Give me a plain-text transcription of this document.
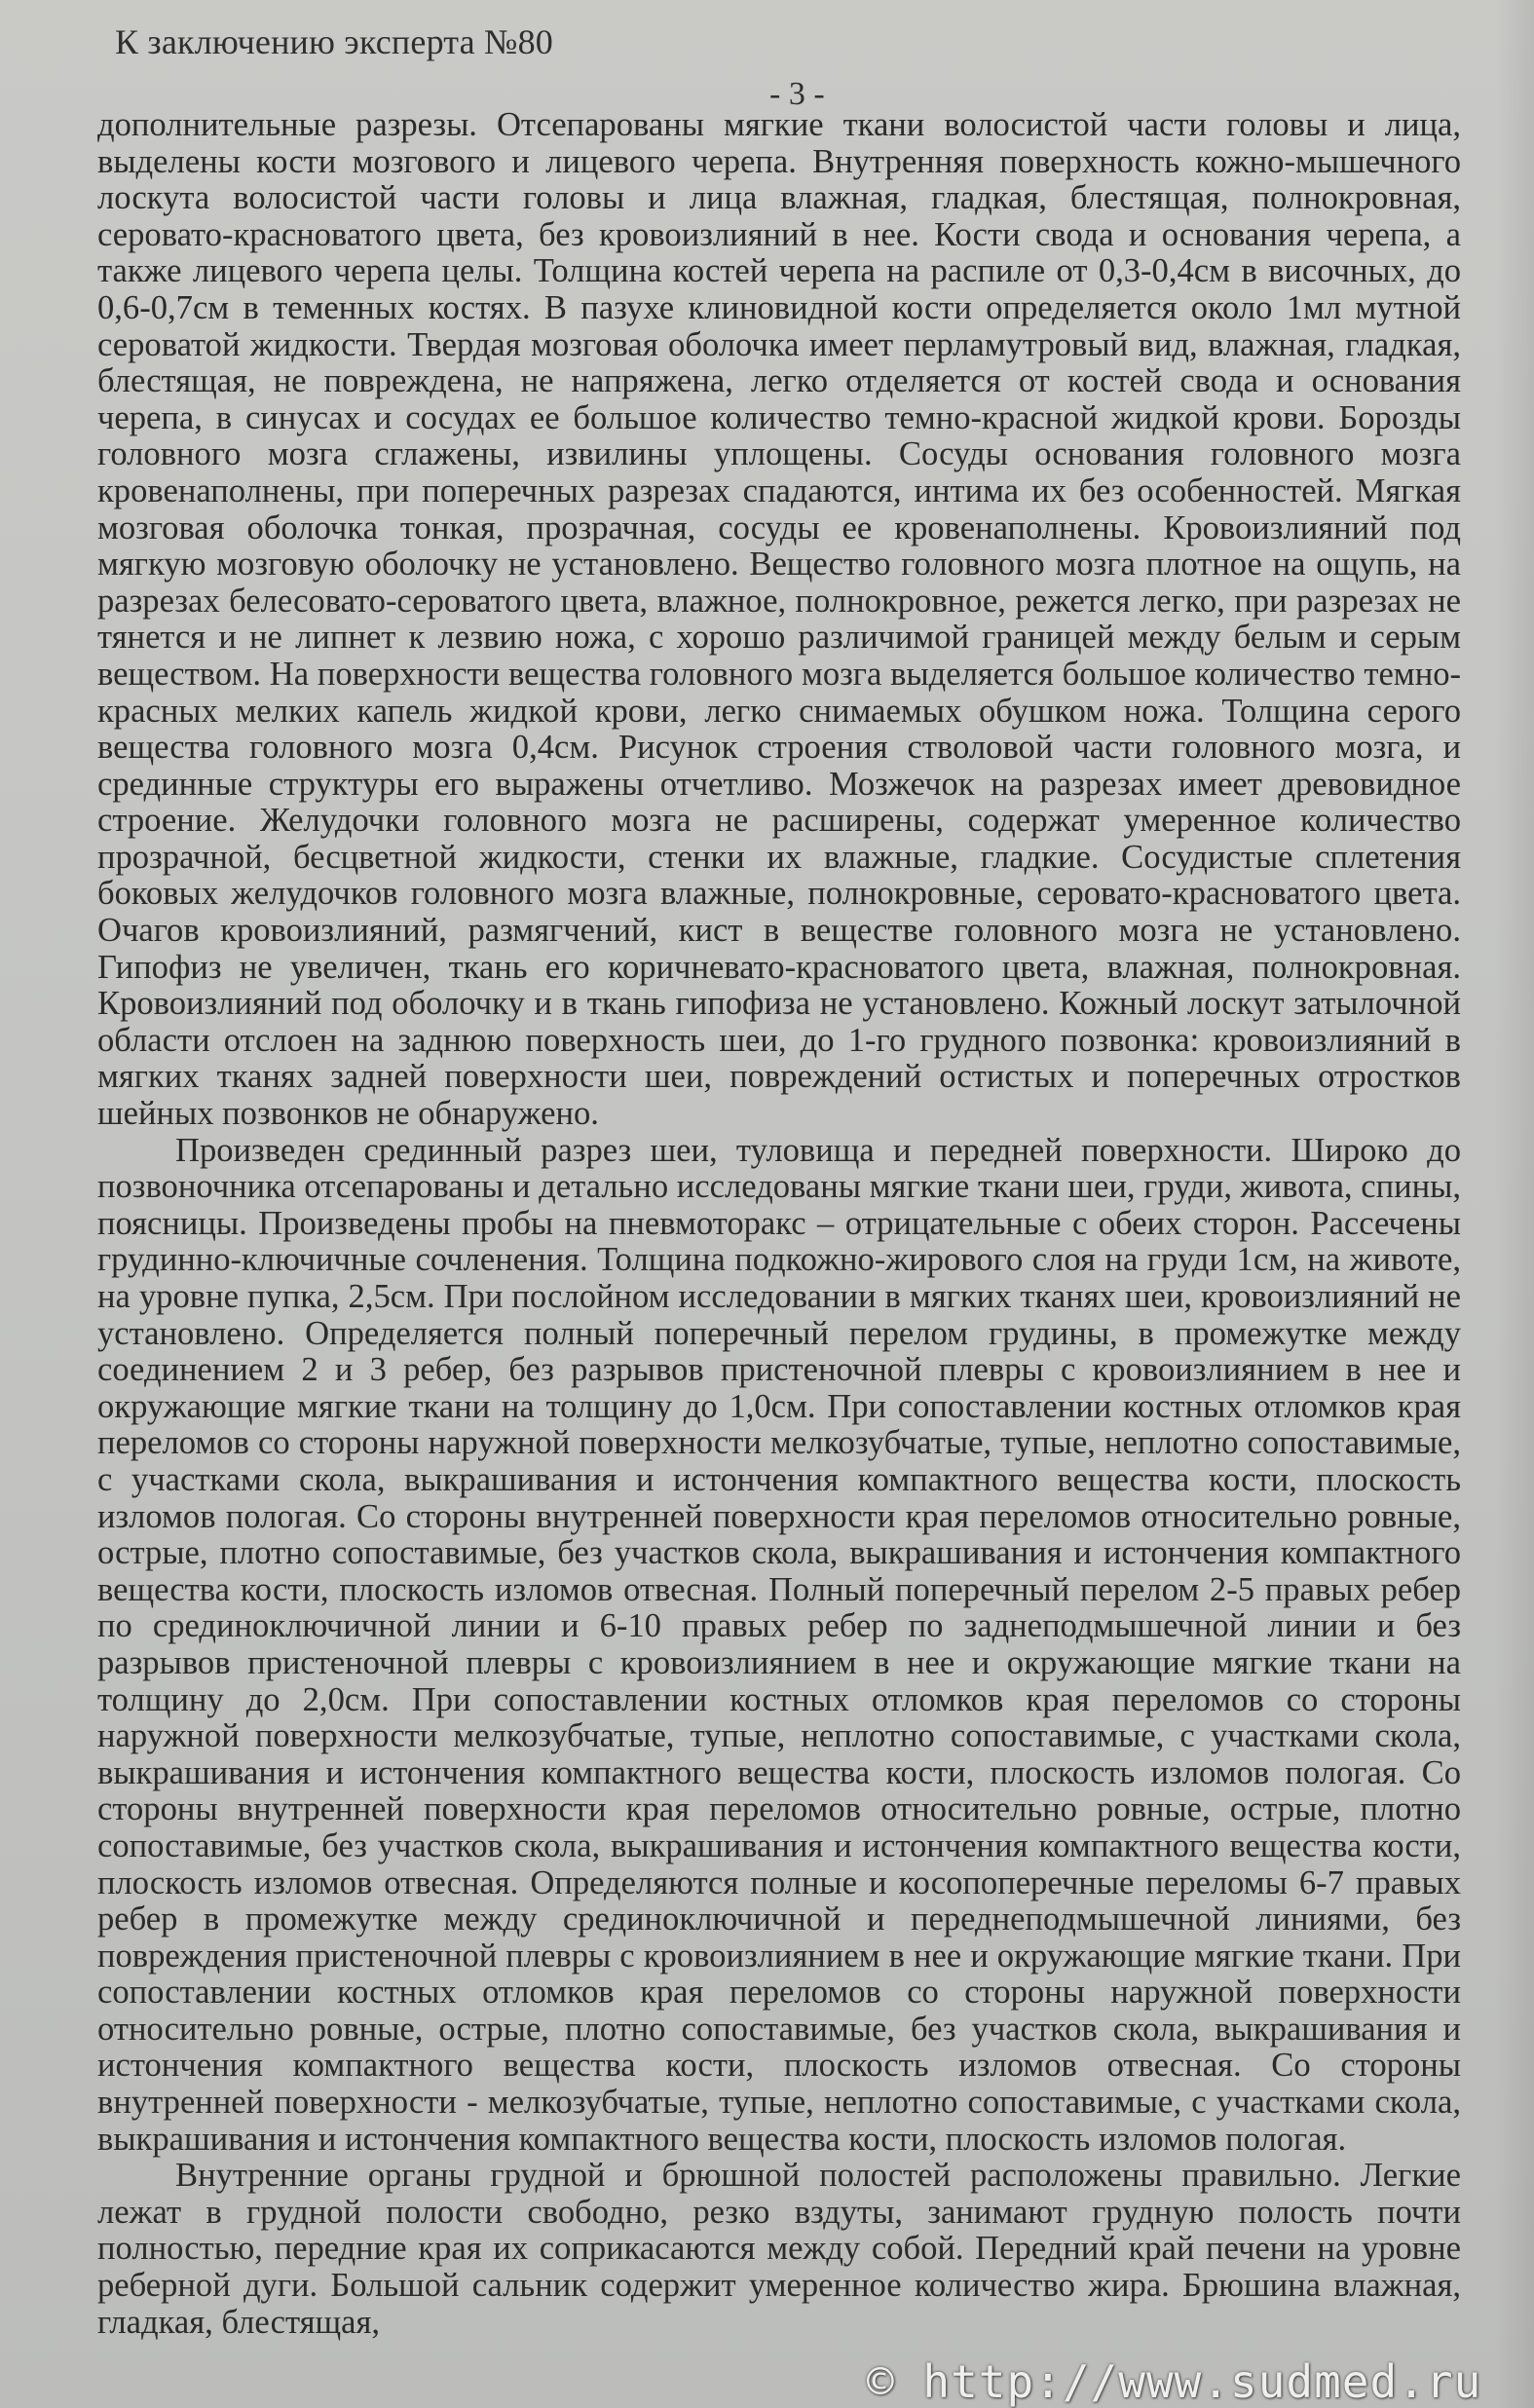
К заключению эксперта №80
- 3 -

дополнительные разрезы. Отсепарованы мягкие ткани волосистой части головы и лица, выделены кости мозгового и лицевого черепа. Внутренняя поверхность кожно-мышечного лоскута волосистой части головы и лица влажная, гладкая, блестящая, полнокровная, серовато-красноватого цвета, без кровоизлияний в нее. Кости свода и основания черепа, а также лицевого черепа целы. Толщина костей черепа на распиле от 0,3-0,4см в височных, до 0,6-0,7см в теменных костях. В пазухе клиновидной кости определяется около 1мл мутной сероватой жидкости. Твердая мозговая оболочка имеет перламутровый вид, влажная, гладкая, блестящая, не повреждена, не напряжена, легко отделяется от костей свода и основания черепа, в синусах и сосудах ее большое количество темно-красной жидкой крови. Борозды головного мозга сглажены, извилины уплощены. Сосуды основания головного мозга кровенаполнены, при поперечных разрезах спадаются, интима их без особенностей. Мягкая мозговая оболочка тонкая, прозрачная, сосуды ее кровенаполнены. Кровоизлияний под мягкую мозговую оболочку не установлено. Вещество головного мозга плотное на ощупь, на разрезах белесовато-сероватого цвета, влажное, полнокровное, режется легко, при разрезах не тянется и не липнет к лезвию ножа, с хорошо различимой границей между белым и серым веществом. На поверхности вещества головного мозга выделяется большое количество темно-красных мелких капель жидкой крови, легко снимаемых обушком ножа. Толщина серого вещества головного мозга 0,4см. Рисунок строения стволовой части головного мозга, и срединные структуры его выражены отчетливо. Мозжечок на разрезах имеет древовидное строение. Желудочки головного мозга не расширены, содержат умеренное количество прозрачной, бесцветной жидкости, стенки их влажные, гладкие. Сосудистые сплетения боковых желудочков головного мозга влажные, полнокровные, серовато-красноватого цвета. Очагов кровоизлияний, размягчений, кист в веществе головного мозга не установлено. Гипофиз не увеличен, ткань его коричневато-красноватого цвета, влажная, полнокровная. Кровоизлияний под оболочку и в ткань гипофиза не установлено. Кожный лоскут затылочной области отслоен на заднюю поверхность шеи, до 1-го грудного позвонка: кровоизлияний в мягких тканях задней поверхности шеи, повреждений остистых и поперечных отростков шейных позвонков не обнаружено.

Произведен срединный разрез шеи, туловища и передней поверхности. Широко до позвоночника отсепарованы и детально исследованы мягкие ткани шеи, груди, живота, спины, поясницы. Произведены пробы на пневмоторакс – отрицательные с обеих сторон. Рассечены грудинно-ключичные сочленения. Толщина подкожно-жирового слоя на груди 1см, на животе, на уровне пупка, 2,5см. При послойном исследовании в мягких тканях шеи, кровоизлияний не установлено. Определяется полный поперечный перелом грудины, в промежутке между соединением 2 и 3 ребер, без разрывов пристеночной плевры с кровоизлиянием в нее и окружающие мягкие ткани на толщину до 1,0см. При сопоставлении костных отломков края переломов со стороны наружной поверхности мелкозубчатые, тупые, неплотно сопоставимые, с участками скола, выкрашивания и истончения компактного вещества кости, плоскость изломов пологая. Со стороны внутренней поверхности края переломов относительно ровные, острые, плотно сопоставимые, без участков скола, выкрашивания и истончения компактного вещества кости, плоскость изломов отвесная. Полный поперечный перелом 2-5 правых ребер по срединоключичной линии и 6-10 правых ребер по заднеподмышечной линии и без разрывов пристеночной плевры с кровоизлиянием в нее и окружающие мягкие ткани на толщину до 2,0см. При сопоставлении костных отломков края переломов со стороны наружной поверхности мелкозубчатые, тупые, неплотно сопоставимые, с участками скола, выкрашивания и истончения компактного вещества кости, плоскость изломов пологая. Со стороны внутренней поверхности края переломов относительно ровные, острые, плотно сопоставимые, без участков скола, выкрашивания и истончения компактного вещества кости, плоскость изломов отвесная. Определяются полные и косопоперечные переломы 6-7 правых ребер в промежутке между срединоключичной и переднеподмышечной линиями, без повреждения пристеночной плевры с кровоизлиянием в нее и окружающие мягкие ткани. При сопоставлении костных отломков края переломов со стороны наружной поверхности относительно ровные, острые, плотно сопоставимые, без участков скола, выкрашивания и истончения компактного вещества кости, плоскость изломов отвесная. Со стороны внутренней поверхности - мелкозубчатые, тупые, неплотно сопоставимые, с участками скола, выкрашивания и истончения компактного вещества кости, плоскость изломов пологая.

Внутренние органы грудной и брюшной полостей расположены правильно. Легкие лежат в грудной полости свободно, резко вздуты, занимают грудную полость почти полностью, передние края их соприкасаются между собой. Передний край печени на уровне реберной дуги. Большой сальник содержит умеренное количество жира. Брюшина влажная, гладкая, блестящая,

© http://www.sudmed.ru
